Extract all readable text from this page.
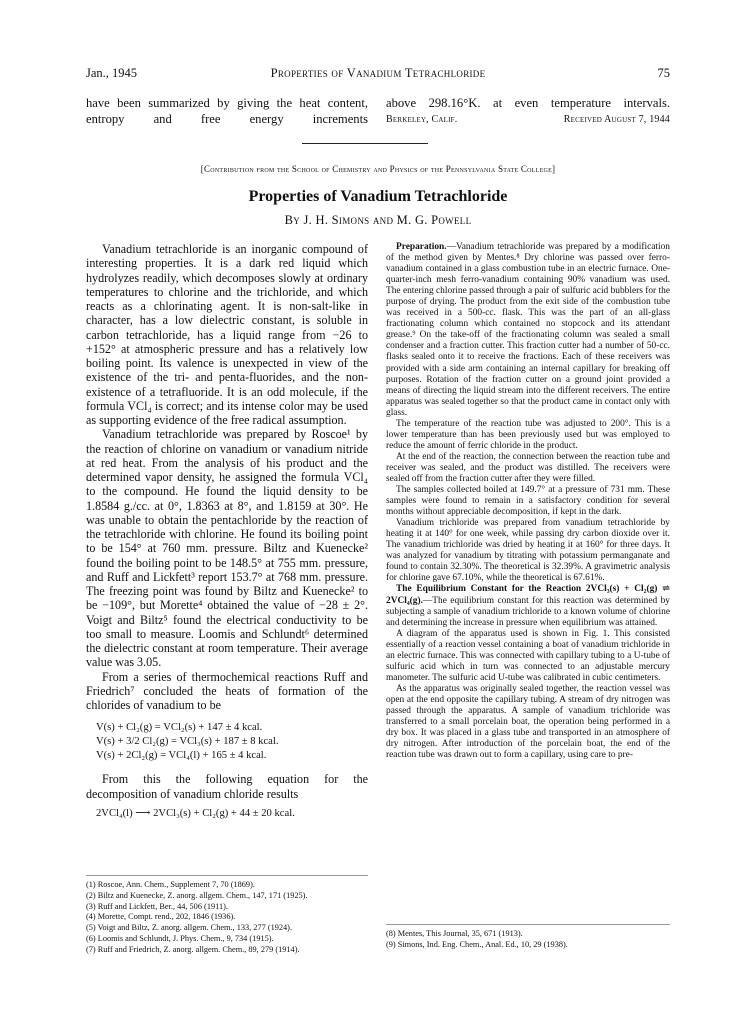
Jan., 1945	Properties of Vanadium Tetrachloride	75
have been summarized by giving the heat content, entropy and free energy increments
above 298.16°K. at even temperature intervals.
Berkeley, Calif.	Received August 7, 1944
[Contribution from the School of Chemistry and Physics of the Pennsylvania State College]
Properties of Vanadium Tetrachloride
By J. H. Simons and M. G. Powell

Vanadium tetrachloride is an inorganic compound of interesting properties. It is a dark red liquid which hydrolyzes readily, which decomposes slowly at ordinary temperatures to chlorine and the trichloride, and which reacts as a chlorinating agent. It is non-salt-like in character, has a low dielectric constant, is soluble in carbon tetrachloride, has a liquid range from −26 to +152° at atmospheric pressure and has a relatively low boiling point. Its valence is unexpected in view of the existence of the tri- and penta-fluorides, and the non-existence of a tetrafluoride. It is an odd molecule, if the formula VCl₄ is correct; and its intense color may be used as supporting evidence of the free radical assumption.

Vanadium tetrachloride was prepared by Roscoe¹ by the reaction of chlorine on vanadium or vanadium nitride at red heat. From the analysis of his product and the determined vapor density, he assigned the formula VCl₄ to the compound. He found the liquid density to be 1.8584 g./cc. at 0°, 1.8363 at 8°, and 1.8159 at 30°. He was unable to obtain the pentachloride by the reaction of the tetrachloride with chlorine. He found its boiling point to be 154° at 760 mm. pressure. Biltz and Kuenecke² found the boiling point to be 148.5° at 755 mm. pressure, and Ruff and Lickfett³ report 153.7° at 768 mm. pressure. The freezing point was found by Biltz and Kuenecke² to be −109°, but Morette⁴ obtained the value of −28 ± 2°. Voigt and Biltz⁵ found the electrical conductivity to be too small to measure. Loomis and Schlundt⁶ determined the dielectric constant at room temperature. Their average value was 3.05.

From a series of thermochemical reactions Ruff and Friedrich⁷ concluded the heats of formation of the chlorides of vanadium to be

V(s) + Cl₂(g) = VCl₂(s) + 147 ± 4 kcal.
V(s) + 3/2 Cl₂(g) = VCl₃(s) + 187 ± 8 kcal.
V(s) + 2Cl₂(g) = VCl₄(l) + 165 ± 4 kcal.

From this the following equation for the decomposition of vanadium chloride results

2VCl₄(l) ⟶ 2VCl₃(s) + Cl₂(g) + 44 ± 20 kcal.

Preparation.—Vanadium tetrachloride was prepared by a modification of the method given by Mentes.⁸ Dry chlorine was passed over ferro-vanadium contained in a glass combustion tube in an electric furnace. One-quarter-inch mesh ferro-vanadium containing 90% vanadium was used. The entering chlorine passed through a pair of sulfuric acid bubblers for the purpose of drying. The product from the exit side of the combustion tube was received in a 500-cc. flask. This was the part of an all-glass fractionating column which contained no stopcock and its attendant grease.⁹ On the take-off of the fractionating column was sealed a small condenser and a fraction cutter. This fraction cutter had a number of 50-cc. flasks sealed onto it to receive the fractions. Each of these receivers was provided with a side arm containing an internal capillary for breaking off purposes. Rotation of the fraction cutter on a ground joint provided a means of directing the liquid stream into the different receivers. The entire apparatus was sealed together so that the product came in contact only with glass.

The temperature of the reaction tube was adjusted to 200°. This is a lower temperature than has been previously used but was employed to reduce the amount of ferric chloride in the product.

At the end of the reaction, the connection between the reaction tube and receiver was sealed, and the product was distilled. The receivers were sealed off from the fraction cutter after they were filled.

The samples collected boiled at 149.7° at a pressure of 731 mm. These samples were found to remain in a satisfactory condition for several months without appreciable decomposition, if kept in the dark.

Vanadium trichloride was prepared from vanadium tetrachloride by heating it at 140° for one week, while passing dry carbon dioxide over it. The vanadium trichloride was dried by heating it at 160° for three days. It was analyzed for vanadium by titrating with potassium permanganate and found to contain 32.30%. The theoretical is 32.39%. A gravimetric analysis for chlorine gave 67.10%, while the theoretical is 67.61%.

The Equilibrium Constant for the Reaction 2VCl₃(s) + Cl₂(g) ⇌ 2VCl₄(g).—The equilibrium constant for this reaction was determined by subjecting a sample of vanadium trichloride to a known volume of chlorine and determining the increase in pressure when equilibrium was attained.

A diagram of the apparatus used is shown in Fig. 1. This consisted essentially of a reaction vessel containing a boat of vanadium trichloride in an electric furnace. This was connected with capillary tubing to a U-tube of sulfuric acid which in turn was connected to an adjustable mercury manometer. The sulfuric acid U-tube was calibrated in cubic centimeters.

As the apparatus was originally sealed together, the reaction vessel was open at the end opposite the capillary tubing. A stream of dry nitrogen was passed through the apparatus. A sample of vanadium trichloride was transferred to a small porcelain boat, the operation being performed in a dry box. It was placed in a glass tube and transported in an atmosphere of dry nitrogen. After introduction of the porcelain boat, the end of the reaction tube was drawn out to form a capillary, using care to pre-

(1) Roscoe, Ann. Chem., Supplement 7, 70 (1869).
(2) Biltz and Kuenecke, Z. anorg. allgem. Chem., 147, 171 (1925).
(3) Ruff and Lickfett, Ber., 44, 506 (1911).
(4) Morette, Compt. rend., 202, 1846 (1936).
(5) Voigt and Biltz, Z. anorg. allgem. Chem., 133, 277 (1924).
(6) Loomis and Schlundt, J. Phys. Chem., 9, 734 (1915).
(7) Ruff and Friedrich, Z. anorg. allgem. Chem., 89, 279 (1914).
(8) Mentes, This Journal, 35, 671 (1913).
(9) Simons, Ind. Eng. Chem., Anal. Ed., 10, 29 (1938).
